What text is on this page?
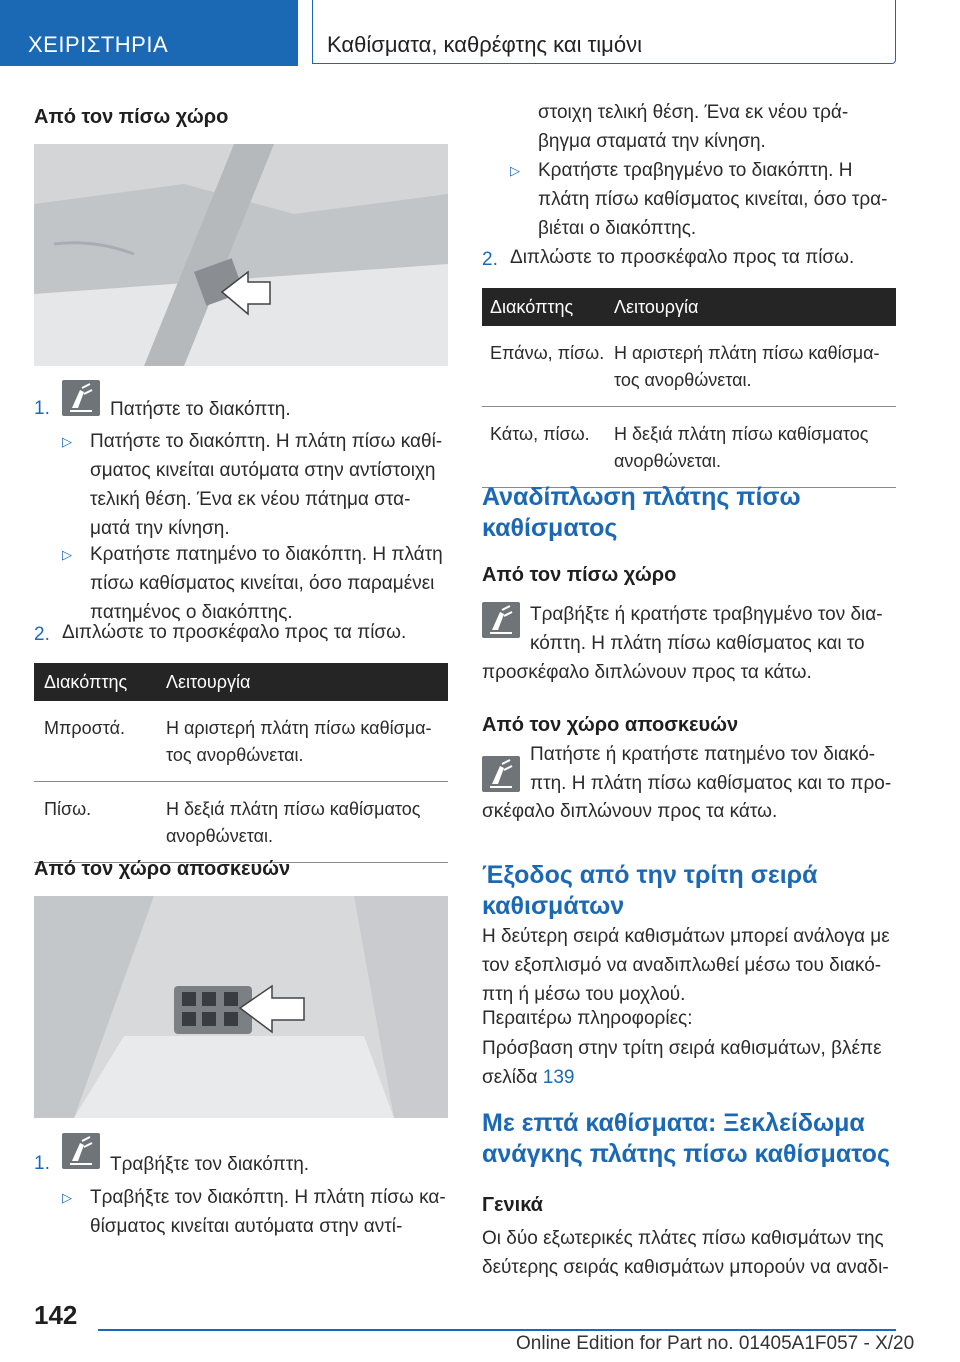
ΧΕΙΡΙΣΤΗΡΙΑ	Καθίσματα, καθρέφτης και τιμόνι
Από τον πίσω χώρο
1.	Πατήστε το διακόπτη.
▷ Πατήστε το διακόπτη. Η πλάτη πίσω καθί-
σματος κινείται αυτόματα στην αντίστοιχη
τελική θέση. Ένα εκ νέου πάτημα στα-
ματά την κίνηση.
▷ Κρατήστε πατημένο το διακόπτη. Η πλάτη
πίσω καθίσματος κινείται, όσο παραμένει
πατημένος ο διακόπτης.
2. Διπλώστε το προσκέφαλο προς τα πίσω.
Διακόπτης	Λειτουργία
Μπροστά.	Η αριστερή πλάτη πίσω καθίσμα-
τος ανορθώνεται.

Πίσω.	Η δεξιά πλάτη πίσω καθίσματος
ανορθώνεται.
Από τον χώρο αποσκευών
1.	Τραβήξτε τον διακόπτη.
▷ Τραβήξτε τον διακόπτη. Η πλάτη πίσω κα-
θίσματος κινείται αυτόματα στην αντί-
στοιχη τελική θέση. Ένα εκ νέου τρά-
βηγμα σταματά την κίνηση.
▷ Κρατήστε τραβηγμένο το διακόπτη. Η
πλάτη πίσω καθίσματος κινείται, όσο τρα-
βιέται ο διακόπτης.
2. Διπλώστε το προσκέφαλο προς τα πίσω.
Διακόπτης	Λειτουργία
Επάνω, πίσω.	Η αριστερή πλάτη πίσω καθίσμα-
τος ανορθώνεται.

Κάτω, πίσω.	Η δεξιά πλάτη πίσω καθίσματος
ανορθώνεται.
Αναδίπλωση πλάτης πίσω
καθίσματος
Από τον πίσω χώρο
Τραβήξτε ή κρατήστε τραβηγμένο τον δια-
κόπτη. Η πλάτη πίσω καθίσματος και το
προσκέφαλο διπλώνουν προς τα κάτω.
Από τον χώρο αποσκευών
Πατήστε ή κρατήστε πατημένο τον διακό-
πτη. Η πλάτη πίσω καθίσματος και το προ-
σκέφαλο διπλώνουν προς τα κάτω.
Έξοδος από την τρίτη σειρά
καθισμάτων
Η δεύτερη σειρά καθισμάτων μπορεί ανάλογα με
τον εξοπλισμό να αναδιπλωθεί μέσω του διακό-
πτη ή μέσω του μοχλού.
Περαιτέρω πληροφορίες:
Πρόσβαση στην τρίτη σειρά καθισμάτων, βλέπε
σελίδα 139
Με επτά καθίσματα: Ξεκλείδωμα
ανάγκης πλάτης πίσω καθίσματος
Γενικά
Οι δύο εξωτερικές πλάτες πίσω καθισμάτων της
δεύτερης σειράς καθισμάτων μπορούν να αναδι-
142
Online Edition for Part no. 01405A1F057 - X/20
